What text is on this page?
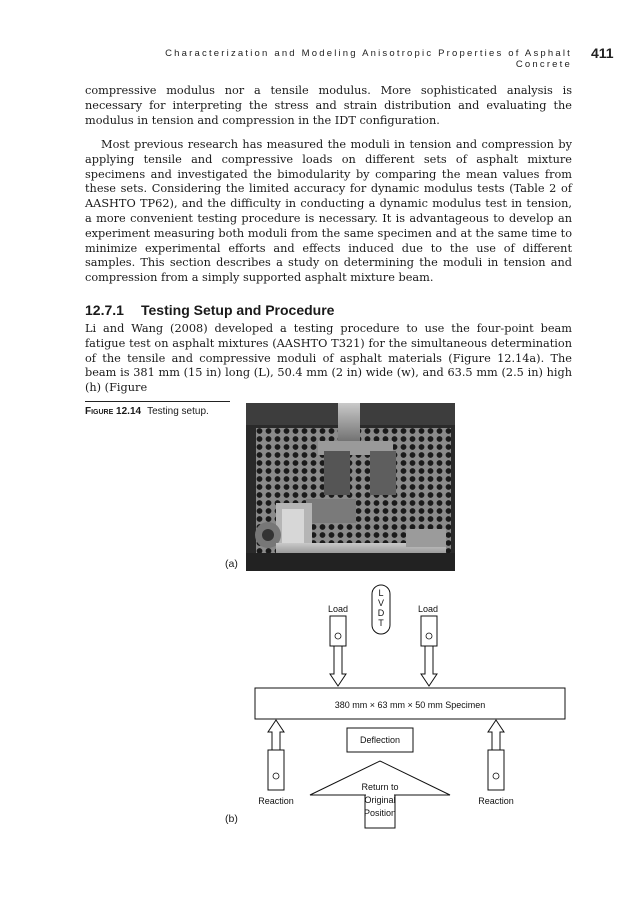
Characterization and Modeling Anisotropic Properties of Asphalt Concrete
411

compressive modulus nor a tensile modulus. More sophisticated analysis is necessary for interpreting the stress and strain distribution and evaluating the modulus in tension and compression in the IDT configuration.

Most previous research has measured the moduli in tension and compression by applying tensile and compressive loads on different sets of asphalt mixture specimens and investigated the bimodularity by comparing the mean values from these sets. Considering the limited accuracy for dynamic modulus tests (Table 2 of AASHTO TP62), and the difficulty in conducting a dynamic modulus test in tension, a more convenient testing procedure is necessary. It is advantageous to develop an experiment measuring both moduli from the same specimen and at the same time to minimize experimental efforts and effects induced due to the use of different samples. This section describes a study on determining the moduli in tension and compression from a simply supported asphalt mixture beam.

12.7.1 Testing Setup and Procedure

Li and Wang (2008) developed a testing procedure to use the four-point beam fatigue test on asphalt mixtures (AASHTO T321) for the simultaneous determination of the tensile and compressive moduli of asphalt materials (Figure 12.14a). The beam is 381 mm (15 in) long (L), 50.4 mm (2 in) wide (w), and 63.5 mm (2.5 in) high (h) (Figure

Figure 12.14 Testing setup.
(a)
L
V
D
T
Load	Load
380 mm × 63 mm × 50 mm Specimen
Deflection
Reaction	Reaction
Return to
Original
Position
(b)
